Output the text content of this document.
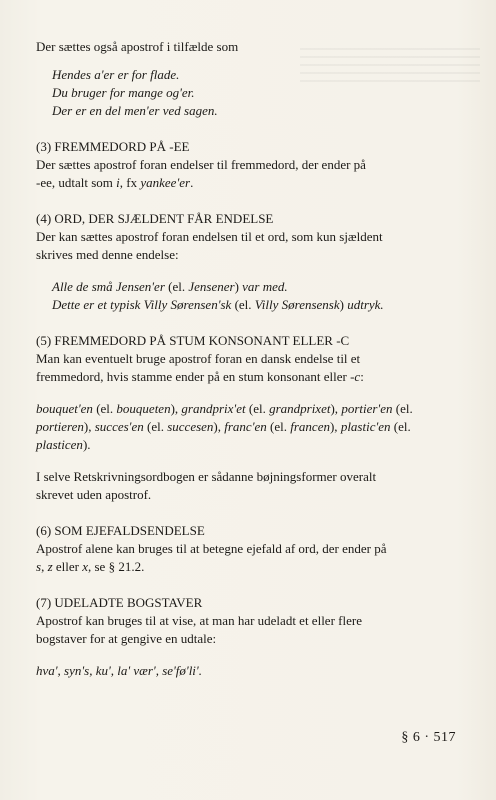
Der sættes også apostrof i tilfælde som

Hendes a'er er for flade.

Du bruger for mange og'er.

Der er en del men'er ved sagen.

(3) FREMMEDORD PÅ -EE

Der sættes apostrof foran endelser til fremmedord, der ender på

-ee, udtalt som i, fx yankee'er.

(4) ORD, DER SJÆLDENT FÅR ENDELSE

Der kan sættes apostrof foran endelsen til et ord, som kun sjældent

skrives med denne endelse:

Alle de små Jensen'er (el. Jensener) var med.

Dette er et typisk Villy Sørensen'sk (el. Villy Sørensensk) udtryk.

(5) FREMMEDORD PÅ STUM KONSONANT ELLER -C

Man kan eventuelt bruge apostrof foran en dansk endelse til et

fremmedord, hvis stamme ender på en stum konsonant eller -c:

bouquet'en (el. bouqueten), grandprix'et (el. grandprixet), portier'en (el. portieren), succes'en (el. succesen), franc'en (el. francen), plastic'en (el. plasticen).

I selve Retskrivningsordbogen er sådanne bøjningsformer overalt

skrevet uden apostrof.

(6) SOM EJEFALDSENDELSE

Apostrof alene kan bruges til at betegne ejefald af ord, der ender på

s, z eller x, se § 21.2.

(7) UDELADTE BOGSTAVER

Apostrof kan bruges til at vise, at man har udeladt et eller flere

bogstaver for at gengive en udtale:

hva', syn's, ku', la' vær', se'fø'li'.

§ 6 · 517
